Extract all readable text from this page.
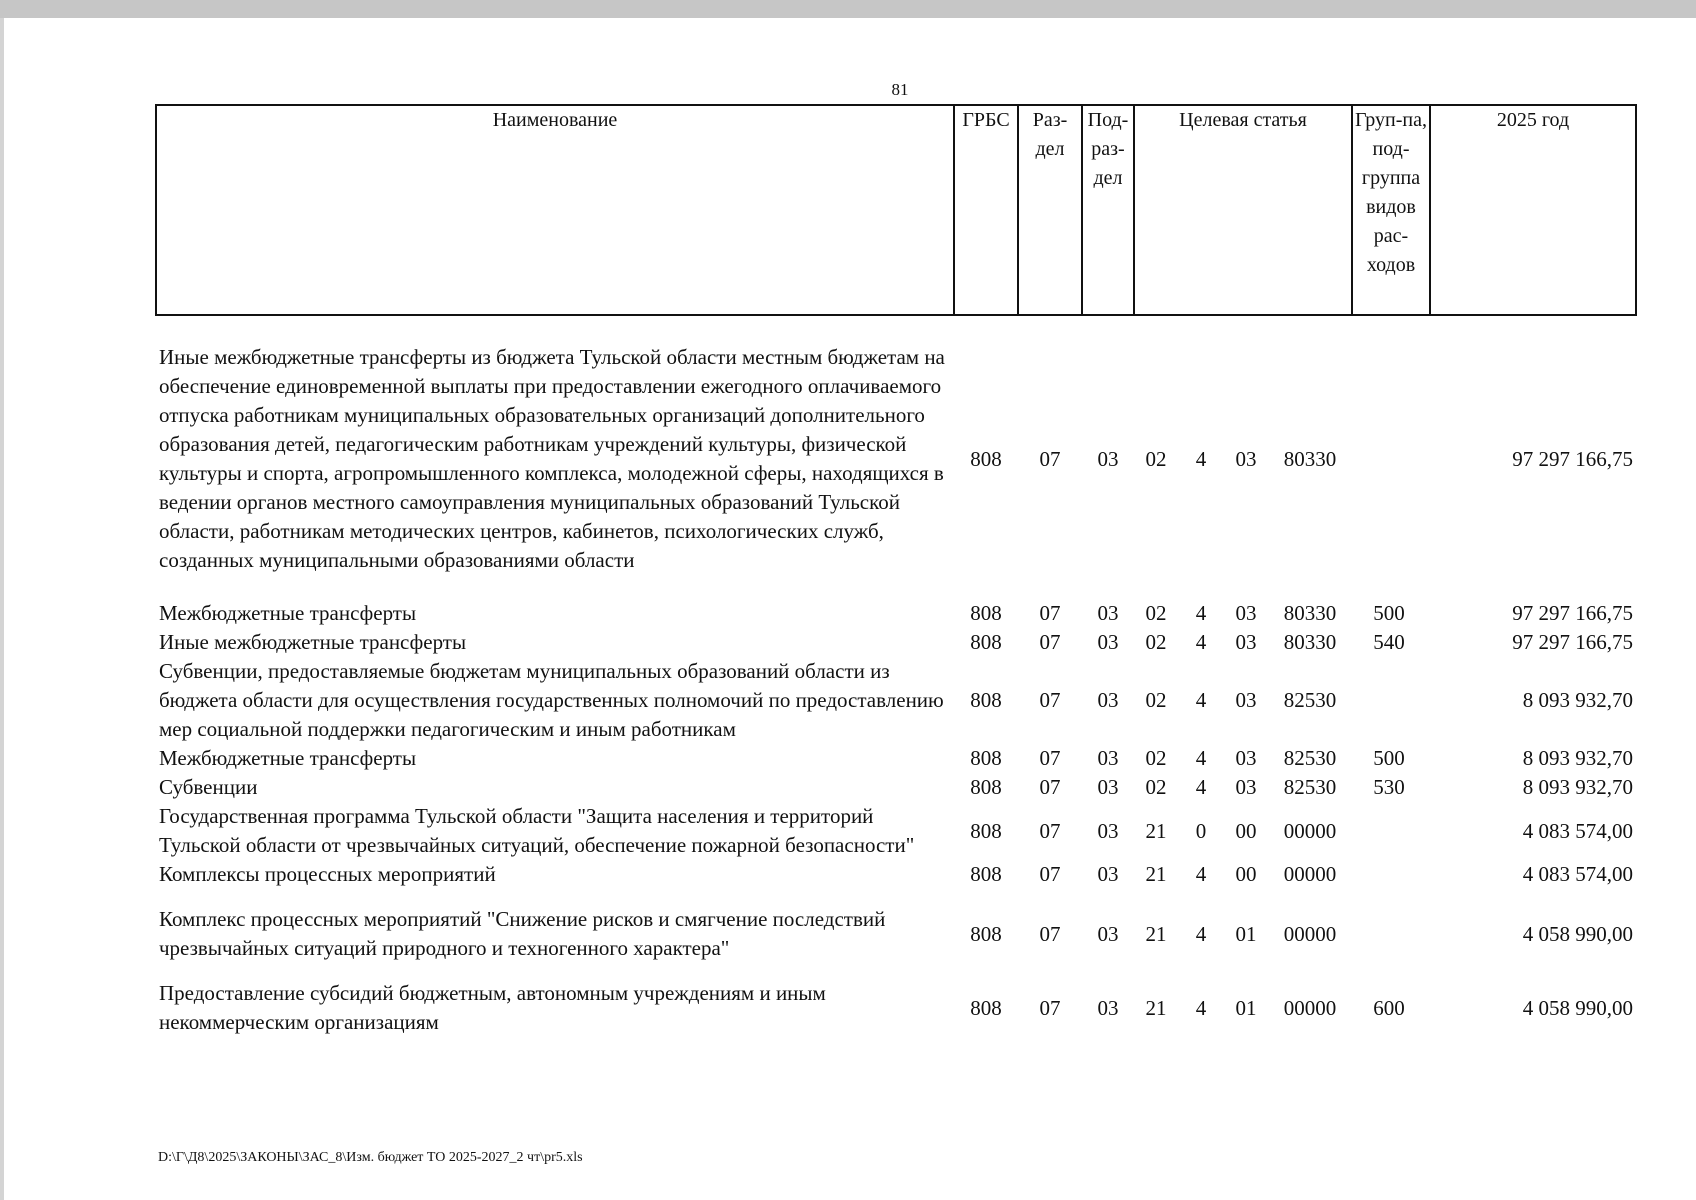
81
Наименование	ГРБС	Раз-дел	Под-раз-дел	Целевая статья	Груп-па, под-группа видов рас-ходов	2025 год
Иные межбюджетные трансферты из бюджета Тульской области местным бюджетам на обеспечение единовременной выплаты при предоставлении ежегодного оплачиваемого отпуска работникам муниципальных образовательных организаций дополнительного образования детей, педагогическим работникам учреждений культуры, физической культуры и спорта, агропромышленного комплекса, молодежной сферы, находящихся в ведении органов местного самоуправления муниципальных образований Тульской области, работникам методических центров, кабинетов, психологических служб, созданных муниципальными образованиями области	808	07	03	02	4	03	80330		97 297 166,75

Межбюджетные трансферты	808	07	03	02	4	03	80330	500	97 297 166,75
Иные межбюджетные трансферты	808	07	03	02	4	03	80330	540	97 297 166,75
Субвенции, предоставляемые бюджетам муниципальных образований области из бюджета области для осуществления государственных полномочий по предоставлению мер социальной поддержки педагогическим и иным работникам	808	07	03	02	4	03	82530		8 093 932,70
Межбюджетные трансферты	808	07	03	02	4	03	82530	500	8 093 932,70
Субвенции	808	07	03	02	4	03	82530	530	8 093 932,70
Государственная программа Тульской области "Защита населения и территорий Тульской области от чрезвычайных ситуаций, обеспечение пожарной безопасности"	808	07	03	21	0	00	00000		4 083 574,00
Комплексы процессных мероприятий	808	07	03	21	4	00	00000		4 083 574,00

Комплекс процессных мероприятий "Снижение рисков и смягчение последствий чрезвычайных ситуаций природного и техногенного характера"	808	07	03	21	4	01	00000		4 058 990,00

Предоставление субсидий бюджетным, автономным учреждениям и иным некоммерческим организациям	808	07	03	21	4	01	00000	600	4 058 990,00
D:\Г\Д8\2025\ЗАКОНЫ\ЗАС_8\Изм. бюджет ТО 2025-2027_2 чт\pr5.xls
